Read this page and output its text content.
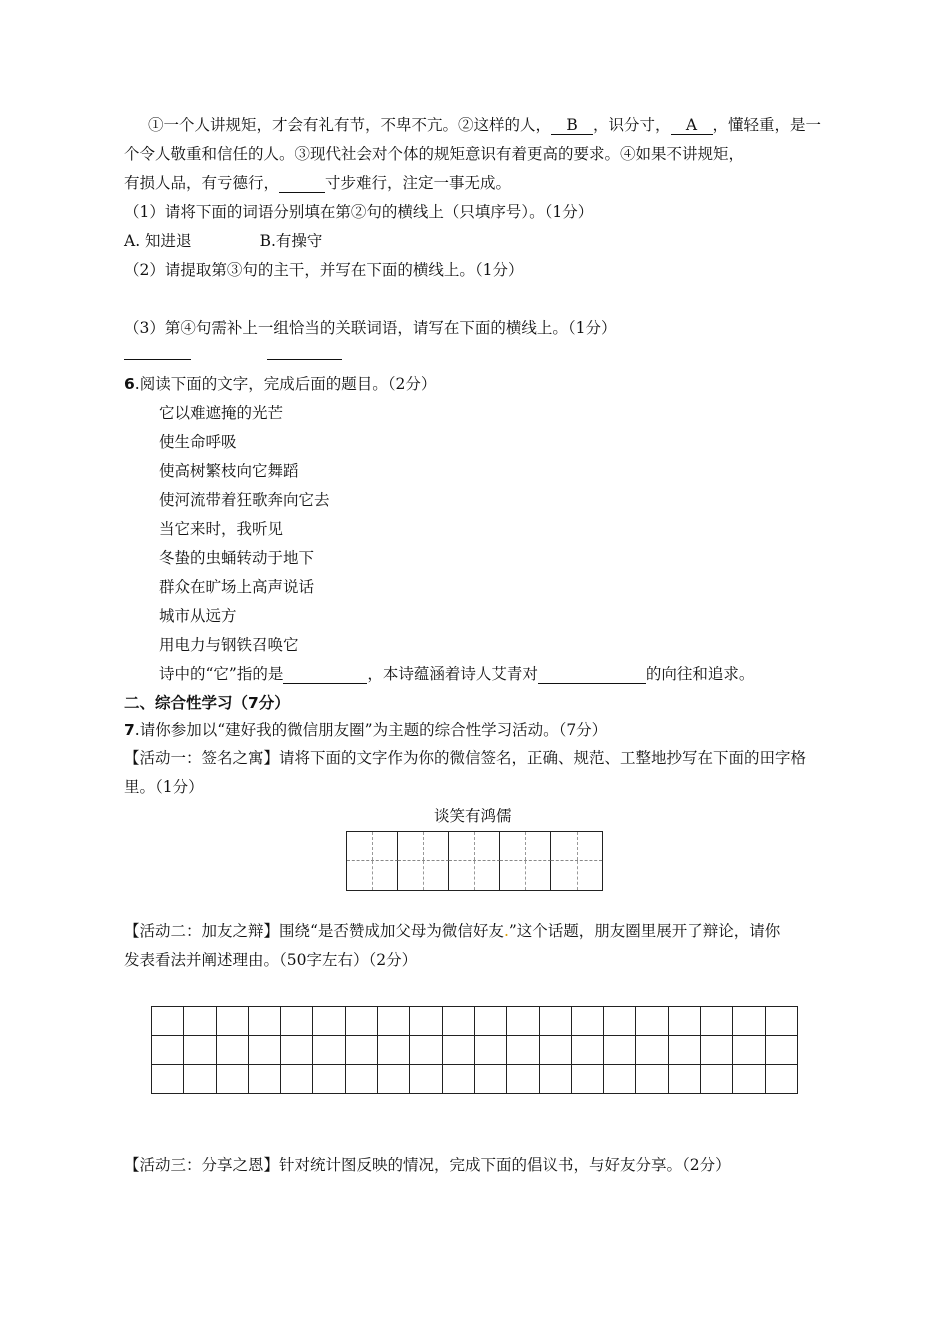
①一个人讲规矩，才会有礼有节，不卑不亢。②这样的人， B ，识分寸， A ，懂轻重，是一
个令人敬重和信任的人。③现代社会对个体的规矩意识有着更高的要求。④如果不讲规矩，
有损人品，有亏德行，	寸步难行，注定一事无成。
（1）请将下面的词语分别填在第②句的横线上（只填序号）。（1分）
A. 知进退	B.有操守
（2）请提取第③句的主干，并写在下面的横线上。（1分）
（3）第④句需补上一组恰当的关联词语，请写在下面的横线上。（1分）
6.阅读下面的文字，完成后面的题目。（2分）
它以难遮掩的光芒
使生命呼吸
使高树繁枝向它舞蹈
使河流带着狂歌奔向它去
当它来时，我听见
冬蛰的虫蛹转动于地下
群众在旷场上高声说话
城市从远方
用电力与钢铁召唤它
诗中的“它”指的是	，本诗蕴涵着诗人艾青对	的向往和追求。
二、综合性学习（7分）
7.请你参加以“建好我的微信朋友圈”为主题的综合性学习活动。（7分）
【活动一：签名之寓】请将下面的文字作为你的微信签名，正确、规范、工整地抄写在下面的田字格
里。（1分）
谈笑有鸿儒
【活动二：加友之辩】围绕“是否赞成加父母为微信好友.”这个话题，朋友圈里展开了辩论，请你
发表看法并阐述理由。（50字左右）（2分）
【活动三：分享之恩】针对统计图反映的情况，完成下面的倡议书，与好友分享。（2分）
